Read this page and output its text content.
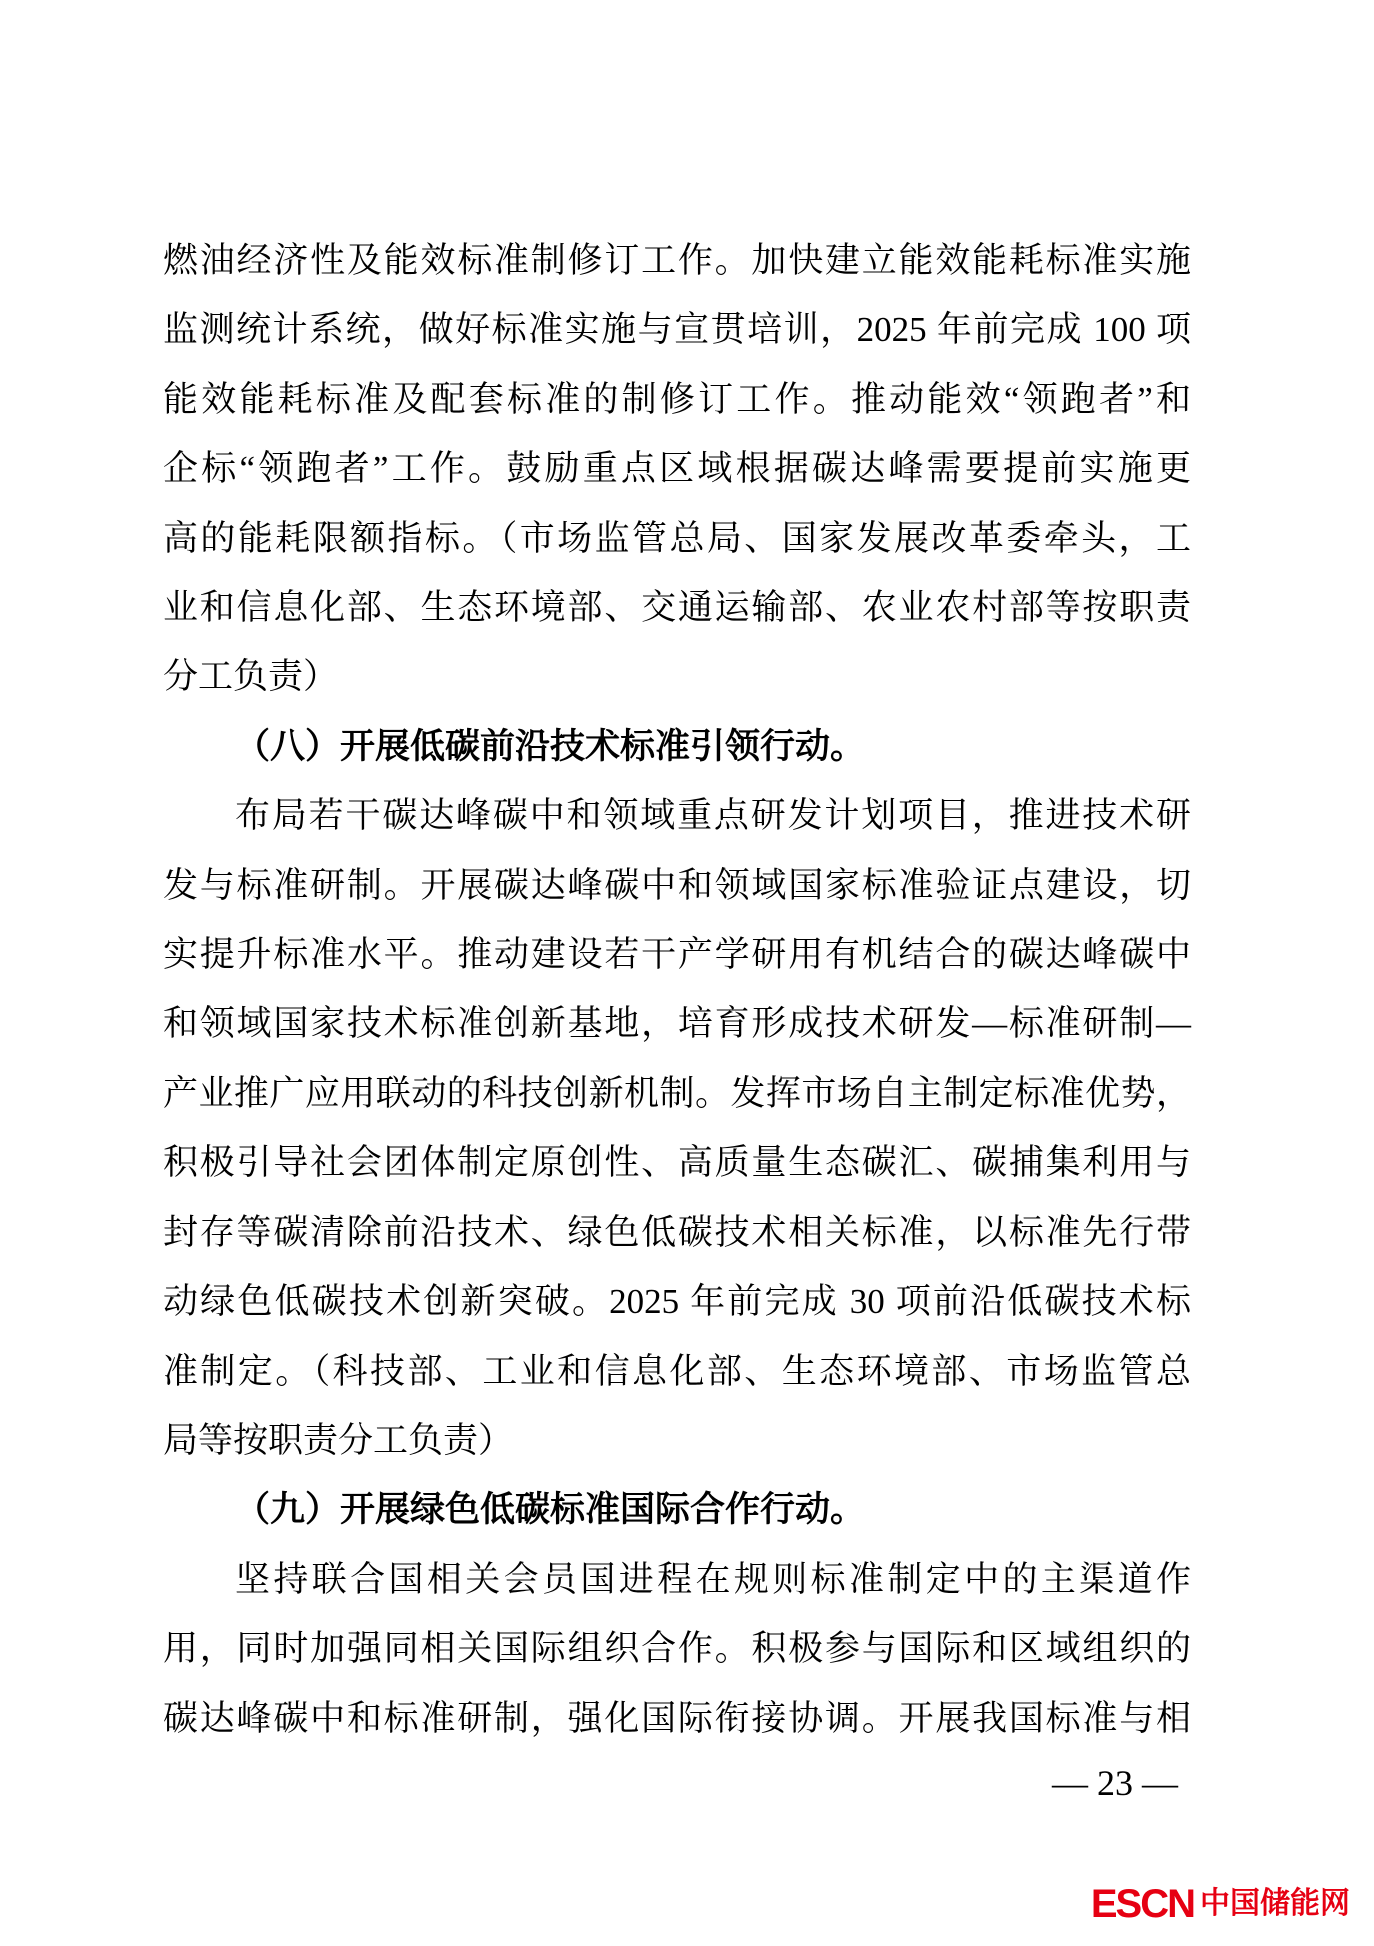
燃油经济性及能效标准制修订工作。加快建立能效能耗标准实施
监测统计系统，做好标准实施与宣贯培训，2025 年前完成 100 项
能效能耗标准及配套标准的制修订工作。推动能效“领跑者”和
企标“领跑者”工作。鼓励重点区域根据碳达峰需要提前实施更
高的能耗限额指标。（市场监管总局、国家发展改革委牵头，工
业和信息化部、生态环境部、交通运输部、农业农村部等按职责
分工负责）
（八）开展低碳前沿技术标准引领行动。
布局若干碳达峰碳中和领域重点研发计划项目，推进技术研
发与标准研制。开展碳达峰碳中和领域国家标准验证点建设，切
实提升标准水平。推动建设若干产学研用有机结合的碳达峰碳中
和领域国家技术标准创新基地，培育形成技术研发—标准研制—
产业推广应用联动的科技创新机制。发挥市场自主制定标准优势，
积极引导社会团体制定原创性、高质量生态碳汇、碳捕集利用与
封存等碳清除前沿技术、绿色低碳技术相关标准，以标准先行带
动绿色低碳技术创新突破。2025 年前完成 30 项前沿低碳技术标
准制定。（科技部、工业和信息化部、生态环境部、市场监管总
局等按职责分工负责）
（九）开展绿色低碳标准国际合作行动。
坚持联合国相关会员国进程在规则标准制定中的主渠道作
用，同时加强同相关国际组织合作。积极参与国际和区域组织的
碳达峰碳中和标准研制，强化国际衔接协调。开展我国标准与相
— 23 —
ESCN 中国储能网
